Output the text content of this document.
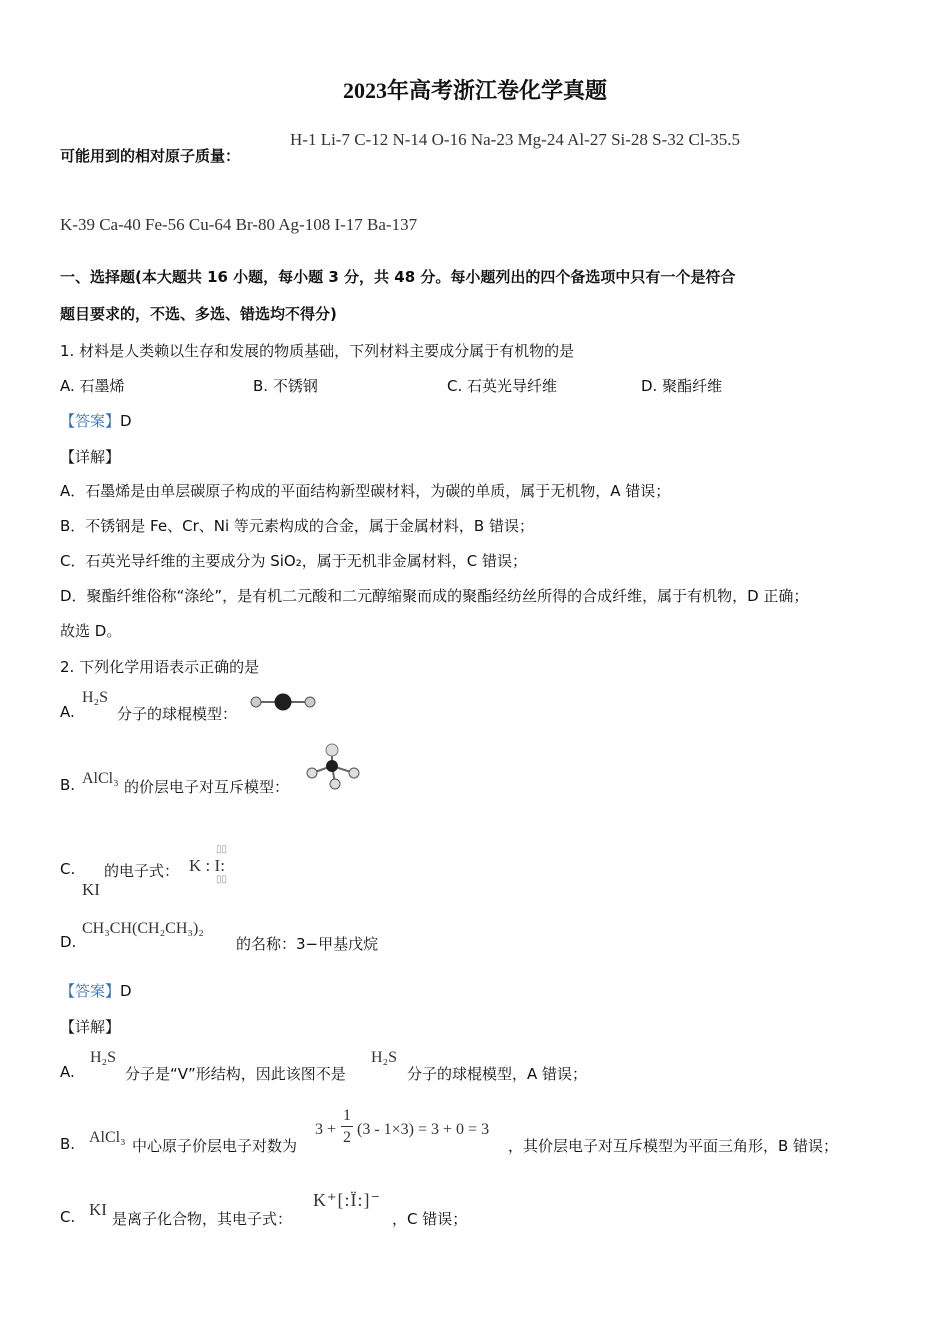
2023年高考浙江卷化学真题
可能用到的相对原子质量：
H-1 Li-7 C-12 N-14 O-16 Na-23 Mg-24 Al-27 Si-28 S-32 Cl-35.5
K-39 Ca-40 Fe-56 Cu-64 Br-80 Ag-108 I-17 Ba-137
一、选择题(本大题共 16 小题，每小题 3 分，共 48 分。每小题列出的四个备选项中只有一个是符合
题目要求的，不选、多选、错选均不得分)
1. 材料是人类赖以生存和发展的物质基础，下列材料主要成分属于有机物的是
A. 石墨烯	B. 不锈钢	C. 石英光导纤维	D. 聚酯纤维
【答案】D
【详解】
A．石墨烯是由单层碳原子构成的平面结构新型碳材料，为碳的单质，属于无机物，A 错误；
B．不锈钢是 Fe、Cr、Ni 等元素构成的合金，属于金属材料，B 错误；
C．石英光导纤维的主要成分为 SiO₂，属于无机非金属材料，C 错误；
D．聚酯纤维俗称“涤纶”，是有机二元酸和二元醇缩聚而成的聚酯经纺丝所得的合成纤维，属于有机物，D 正确；
故选 D。
2. 下列化学用语表示正确的是
A.
H₂S
分子的球棍模型：
B. AlCl₃ 的价层电子对互斥模型：
C. 的电子式：
KI
K : I:
▯▯
▯▯
D.
CH₃CH(CH₂CH₃)₂
的名称：3−甲基戊烷
【答案】D
【详解】
A.
H₂S
分子是“V”形结构，因此该图不是
H₂S
分子的球棍模型，A 错误；
B. AlCl₃ 中心原子价层电子对数为
$3 + \frac{1}{2} (3 - 1\times 3) = 3 + 0 = 3$
，其价层电子对互斥模型为平面三角形，B 错误；
C. KI 是离子化合物，其电子式：
K⁺[:Ï:]⁻
，C 错误；
